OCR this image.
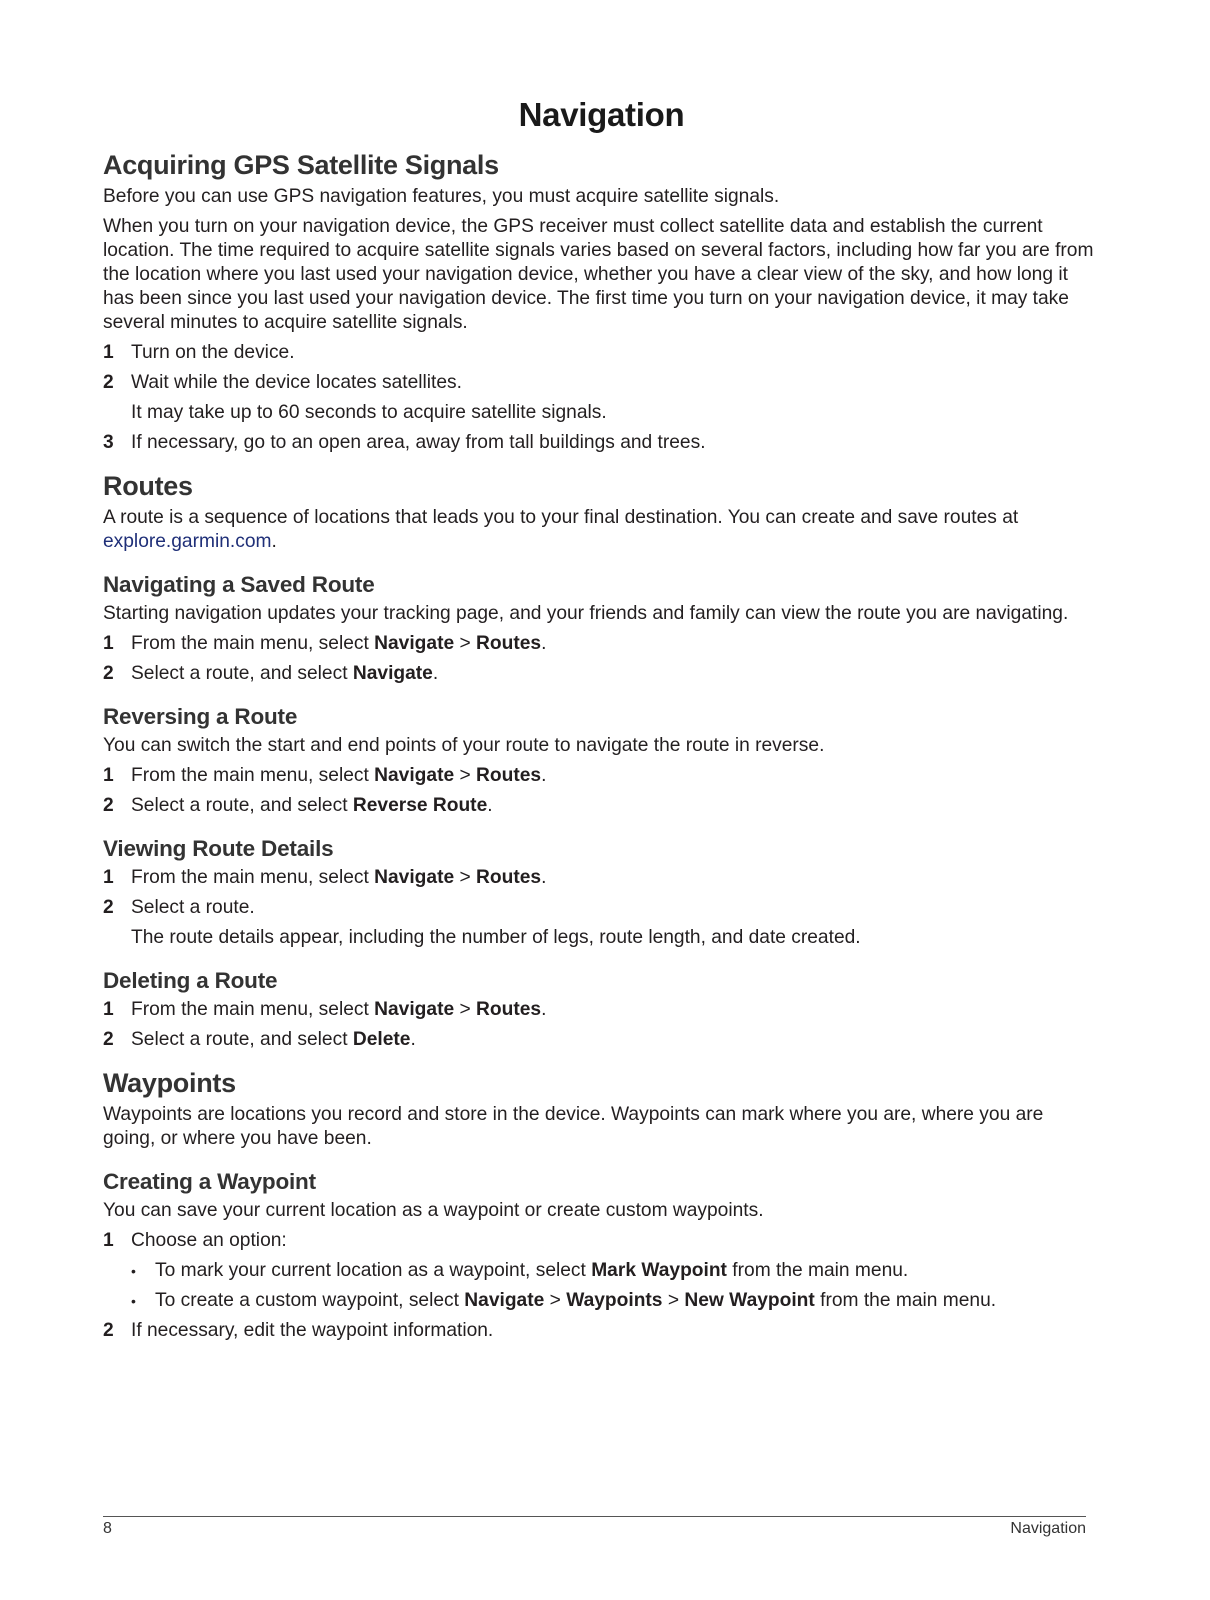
Navigation
Acquiring GPS Satellite Signals

Before you can use GPS navigation features, you must acquire satellite signals.

When you turn on your navigation device, the GPS receiver must collect satellite data and establish the current location. The time required to acquire satellite signals varies based on several factors, including how far you are from the location where you last used your navigation device, whether you have a clear view of the sky, and how long it has been since you last used your navigation device. The first time you turn on your navigation device, it may take several minutes to acquire satellite signals.

1 Turn on the device.
2 Wait while the device locates satellites.
It may take up to 60 seconds to acquire satellite signals.
3 If necessary, go to an open area, away from tall buildings and trees.
Routes

A route is a sequence of locations that leads you to your final destination. You can create and save routes at
explore.garmin.com.

Navigating a Saved Route

Starting navigation updates your tracking page, and your friends and family can view the route you are navigating.

1 From the main menu, select Navigate > Routes.
2 Select a route, and select Navigate.
Reversing a Route

You can switch the start and end points of your route to navigate the route in reverse.

1 From the main menu, select Navigate > Routes.
2 Select a route, and select Reverse Route.
Viewing Route Details
1 From the main menu, select Navigate > Routes.
2 Select a route.
The route details appear, including the number of legs, route length, and date created.
Deleting a Route
1 From the main menu, select Navigate > Routes.
2 Select a route, and select Delete.
Waypoints

Waypoints are locations you record and store in the device. Waypoints can mark where you are, where you are going, or where you have been.

Creating a Waypoint

You can save your current location as a waypoint or create custom waypoints.

1 Choose an option:
• To mark your current location as a waypoint, select Mark Waypoint from the main menu.
• To create a custom waypoint, select Navigate > Waypoints > New Waypoint from the main menu.
2 If necessary, edit the waypoint information.
8	Navigation
